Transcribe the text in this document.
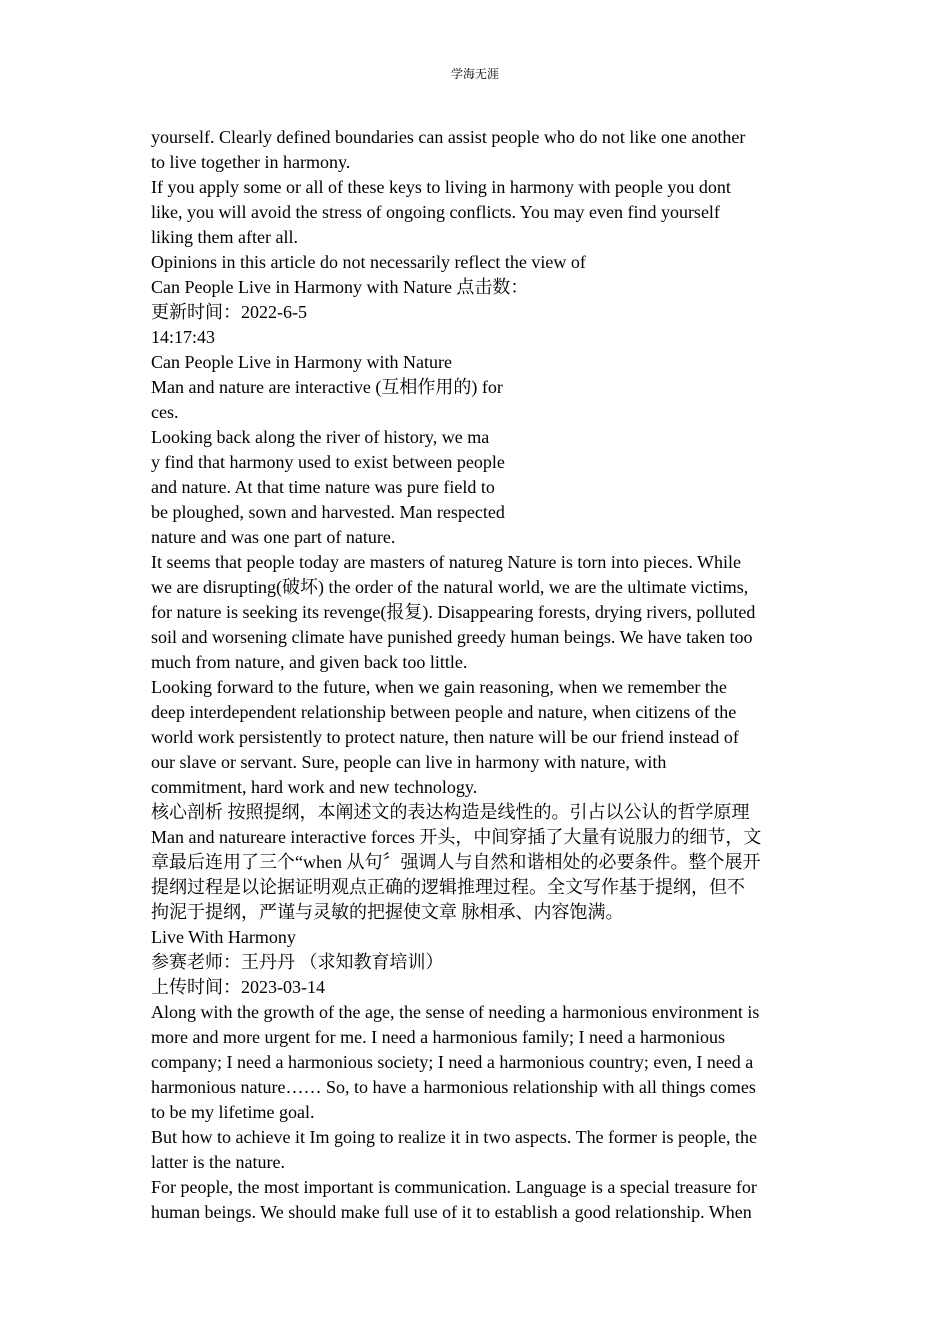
学海无涯

yourself. Clearly defined boundaries can assist people who do not like one another

to live together in harmony.

If you apply some or all of these keys to living in harmony with people you dont

like, you will avoid the stress of ongoing conflicts. You may even find yourself

liking them after all.

Opinions in this article do not necessarily reflect the view of

Can People Live in Harmony with Nature 点击数：

更新时间：2022-6-5

14:17:43

Can People Live in Harmony with Nature

Man and nature are interactive (互相作用的) for

ces.

Looking back along the river of history, we ma

y find that harmony used to exist between people

and nature. At that time nature was pure field to

be ploughed, sown and harvested. Man respected

nature and was one part of nature.

It seems that people today are masters of natureg Nature is torn into pieces. While

we are disrupting(破坏) the order of the natural world, we are the ultimate victims,

for nature is seeking its revenge(报复). Disappearing forests, drying rivers, polluted

soil and worsening climate have punished greedy human beings. We have taken too

much from nature, and given back too little.

Looking forward to the future, when we gain reasoning, when we remember the

deep interdependent relationship between people and nature, when citizens of the

world work persistently to protect nature, then nature will be our friend instead of

our slave or servant. Sure, people can live in harmony with nature, with

commitment, hard work and new technology.

核心剖析 按照提纲，本阐述文的表达构造是线性的。引占以公认的哲学原理

Man and natureare interactive forces 开头，中间穿插了大量有说服力的细节，文

章最后连用了三个“when 从句〞强调人与自然和谐相处的必要条件。整个展开

提纲过程是以论据证明观点正确的逻辑推理过程。全文写作基于提纲，但不

拘泥于提纲，严谨与灵敏的把握使文章 脉相承、内容饱满。

Live With Harmony

参赛老师：王丹丹 （求知教育培训）

上传时间：2023-03-14

Along with the growth of the age, the sense of needing a harmonious environment is

more and more urgent for me. I need a harmonious family; I need a harmonious

company; I need a harmonious society; I need a harmonious country; even, I need a

harmonious nature…… So, to have a harmonious relationship with all things comes

to be my lifetime goal.

But how to achieve it Im going to realize it in two aspects. The former is people, the

latter is the nature.

For people, the most important is communication. Language is a special treasure for

human beings. We should make full use of it to establish a good relationship. When
